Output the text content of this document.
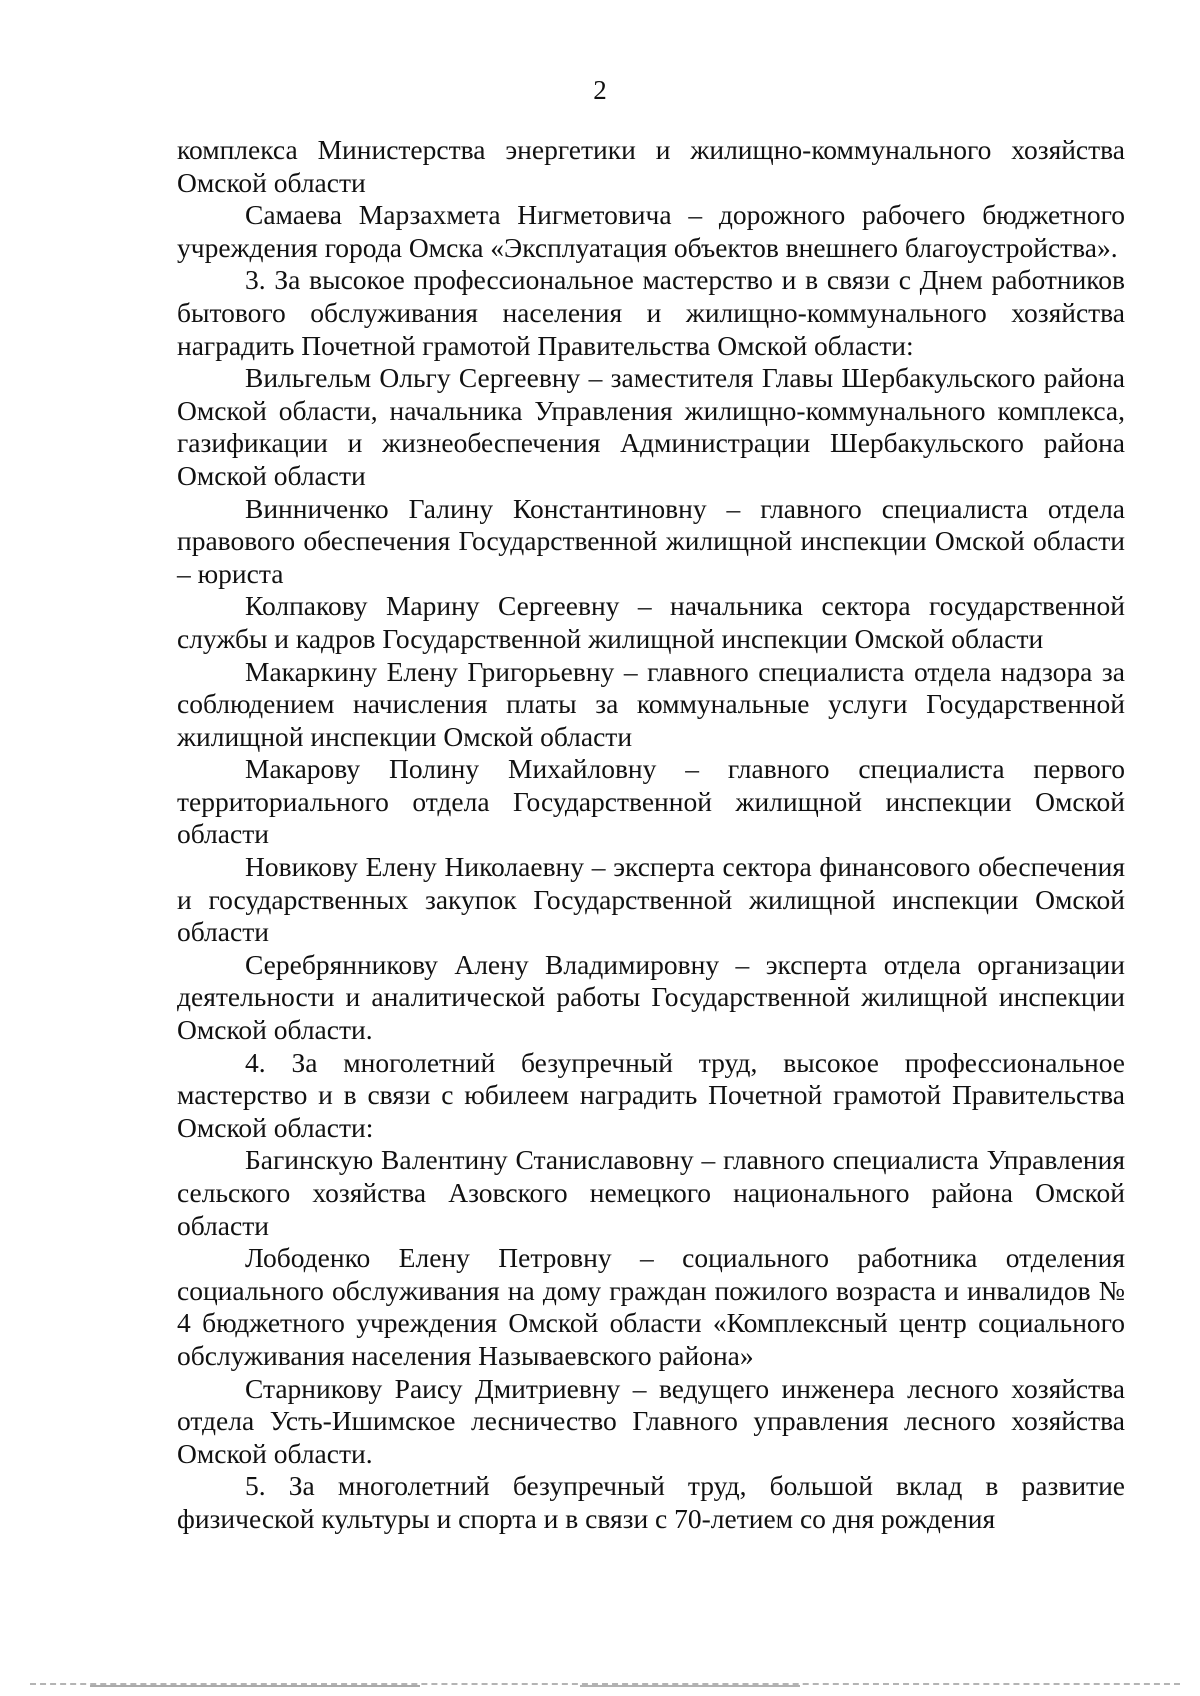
2

комплекса Министерства энергетики и жилищно-коммунального хозяйства Омской области

Самаева Марзахмета Нигметовича – дорожного рабочего бюджетного учреждения города Омска «Эксплуатация объектов внешнего благоустройства».

3. За высокое профессиональное мастерство и в связи с Днем работников бытового обслуживания населения и жилищно-коммунального хозяйства наградить Почетной грамотой Правительства Омской области:

Вильгельм Ольгу Сергеевну – заместителя Главы Шербакульского района Омской области, начальника Управления жилищно-коммунального комплекса, газификации и жизнеобеспечения Администрации Шербакульского района Омской области

Винниченко Галину Константиновну – главного специалиста отдела правового обеспечения Государственной жилищной инспекции Омской области – юриста

Колпакову Марину Сергеевну – начальника сектора государственной службы и кадров Государственной жилищной инспекции Омской области

Макаркину Елену Григорьевну – главного специалиста отдела надзора за соблюдением начисления платы за коммунальные услуги Государственной жилищной инспекции Омской области

Макарову Полину Михайловну – главного специалиста первого территориального отдела Государственной жилищной инспекции Омской области

Новикову Елену Николаевну – эксперта сектора финансового обеспечения и государственных закупок Государственной жилищной инспекции Омской области

Серебрянникову Алену Владимировну – эксперта отдела организации деятельности и аналитической работы Государственной жилищной инспекции Омской области.

4. За многолетний безупречный труд, высокое профессиональное мастерство и в связи с юбилеем наградить Почетной грамотой Правительства Омской области:

Багинскую Валентину Станиславовну – главного специалиста Управления сельского хозяйства Азовского немецкого национального района Омской области

Лободенко Елену Петровну – социального работника отделения социального обслуживания на дому граждан пожилого возраста и инвалидов № 4 бюджетного учреждения Омской области «Комплексный центр социального обслуживания населения Называевского района»

Старникову Раису Дмитриевну – ведущего инженера лесного хозяйства отдела Усть-Ишимское лесничество Главного управления лесного хозяйства Омской области.

5. За многолетний безупречный труд, большой вклад в развитие физической культуры и спорта и в связи с 70-летием со дня рождения
